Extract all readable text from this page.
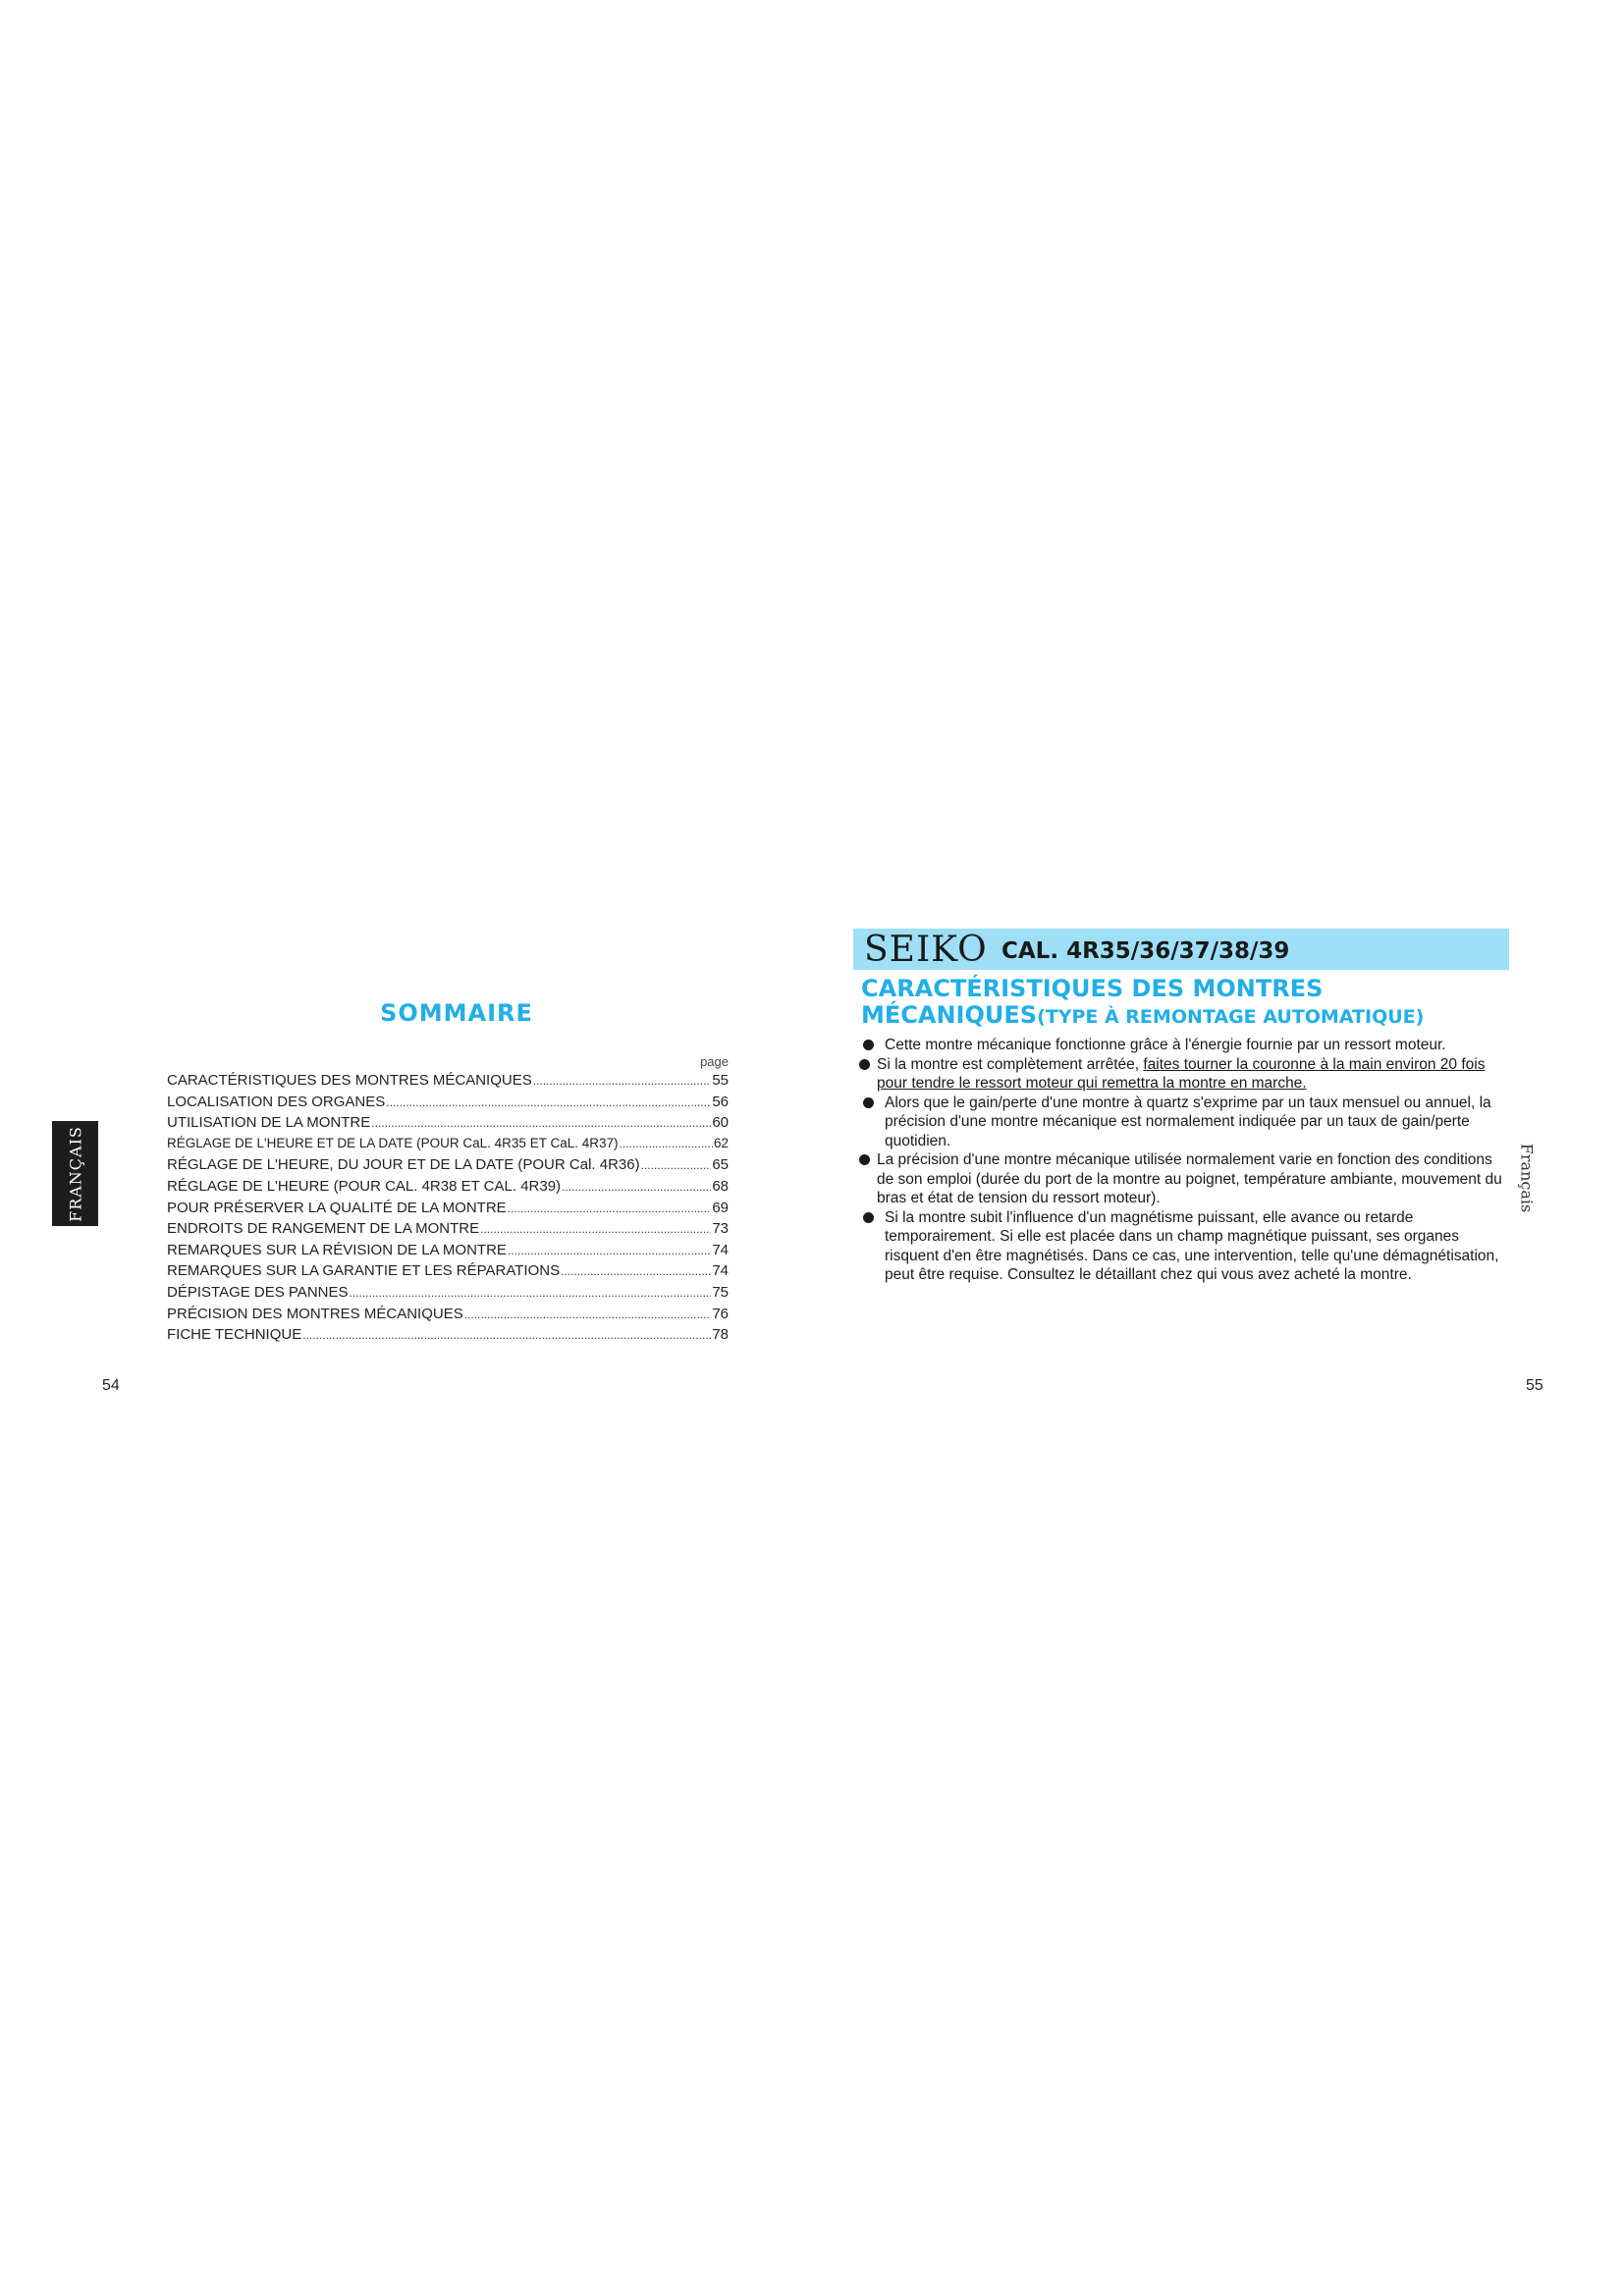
SOMMAIRE
page
CARACTÉRISTIQUES DES MONTRES MÉCANIQUES .....	55
LOCALISATION DES ORGANES .....	56
UTILISATION DE LA MONTRE .....	60
RÉGLAGE DE L'HEURE ET DE LA DATE (POUR CaL. 4R35 ET CaL. 4R37) .....	62
RÉGLAGE DE L'HEURE, DU JOUR ET DE LA DATE (POUR Cal. 4R36) .....	65
RÉGLAGE DE L'HEURE (POUR CAL. 4R38 ET CAL. 4R39) .....	68
POUR PRÉSERVER LA QUALITÉ DE LA MONTRE .....	69
ENDROITS DE RANGEMENT DE LA MONTRE .....	73
REMARQUES SUR LA RÉVISION DE LA MONTRE .....	74
REMARQUES SUR LA GARANTIE ET LES RÉPARATIONS .....	74
DÉPISTAGE DES PANNES .....	75
PRÉCISION DES MONTRES MÉCANIQUES .....	76
FICHE TECHNIQUE .....	78
FRANÇAIS
54
SEIKO CAL. 4R35/36/37/38/39
CARACTÉRISTIQUES DES MONTRES
MÉCANIQUES(TYPE À REMONTAGE AUTOMATIQUE)
Cette montre mécanique fonctionne grâce à l'énergie fournie par un ressort moteur.
Si la montre est complètement arrêtée, faites tourner la couronne à la main environ 20 fois pour tendre le ressort moteur qui remettra la montre en marche.
Alors que le gain/perte d'une montre à quartz s'exprime par un taux mensuel ou annuel, la précision d'une montre mécanique est normalement indiquée par un taux de gain/perte quotidien.
La précision d'une montre mécanique utilisée normalement varie en fonction des conditions de son emploi (durée du port de la montre au poignet, température ambiante, mouvement du bras et état de tension du ressort moteur).
Si la montre subit l'influence d'un magnétisme puissant, elle avance ou retarde temporairement. Si elle est placée dans un champ magnétique puissant, ses organes risquent d'en être magnétisés. Dans ce cas, une intervention, telle qu'une démagnétisation, peut être requise. Consultez le détaillant chez qui vous avez acheté la montre.
Français
55
